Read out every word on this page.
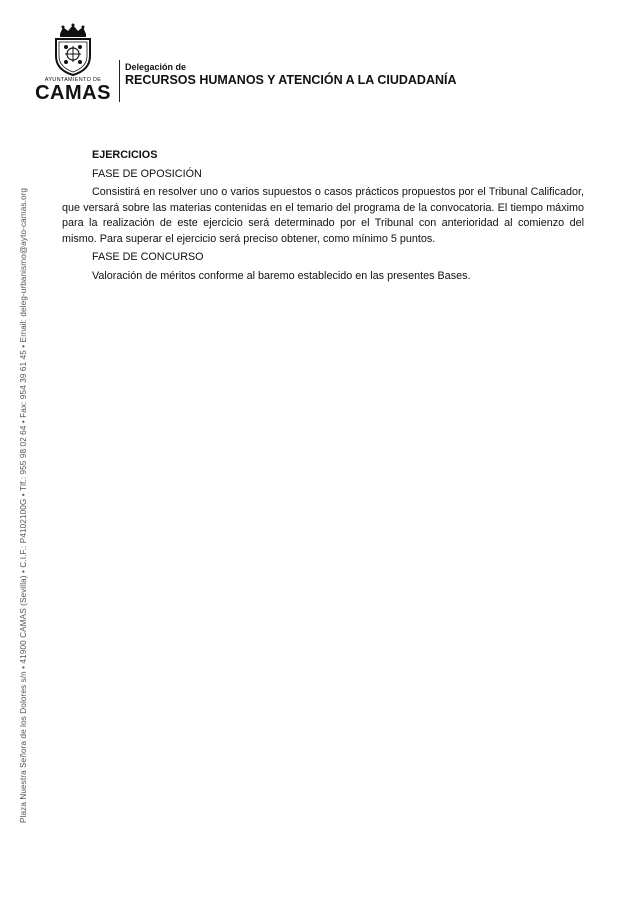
AYUNTAMIENTO DE
CAMAS
Delegación de
RECURSOS HUMANOS Y ATENCIÓN A LA CIUDADANÍA
Plaza Nuestra Señora de los Dolores s/n • 41900 CAMAS (Sevilla) • C.I.F.: P4102100G • Tlf.: 955 98 02 64 • Fax: 954 39 61 45 • Email: deleg-urbanismo@ayto-camas.org

EJERCICIOS

FASE DE OPOSICIÓN

Consistirá en resolver uno o varios supuestos o casos prácticos propuestos por el Tribunal Calificador, que versará sobre las materias contenidas en el temario del programa de la convocatoria. El tiempo máximo para la realización de este ejercicio será determinado por el Tribunal con anterioridad al comienzo del mismo. Para superar el ejercicio será preciso obtener, como mínimo 5 puntos.

FASE DE CONCURSO

Valoración de méritos conforme al baremo establecido en las presentes Bases.
